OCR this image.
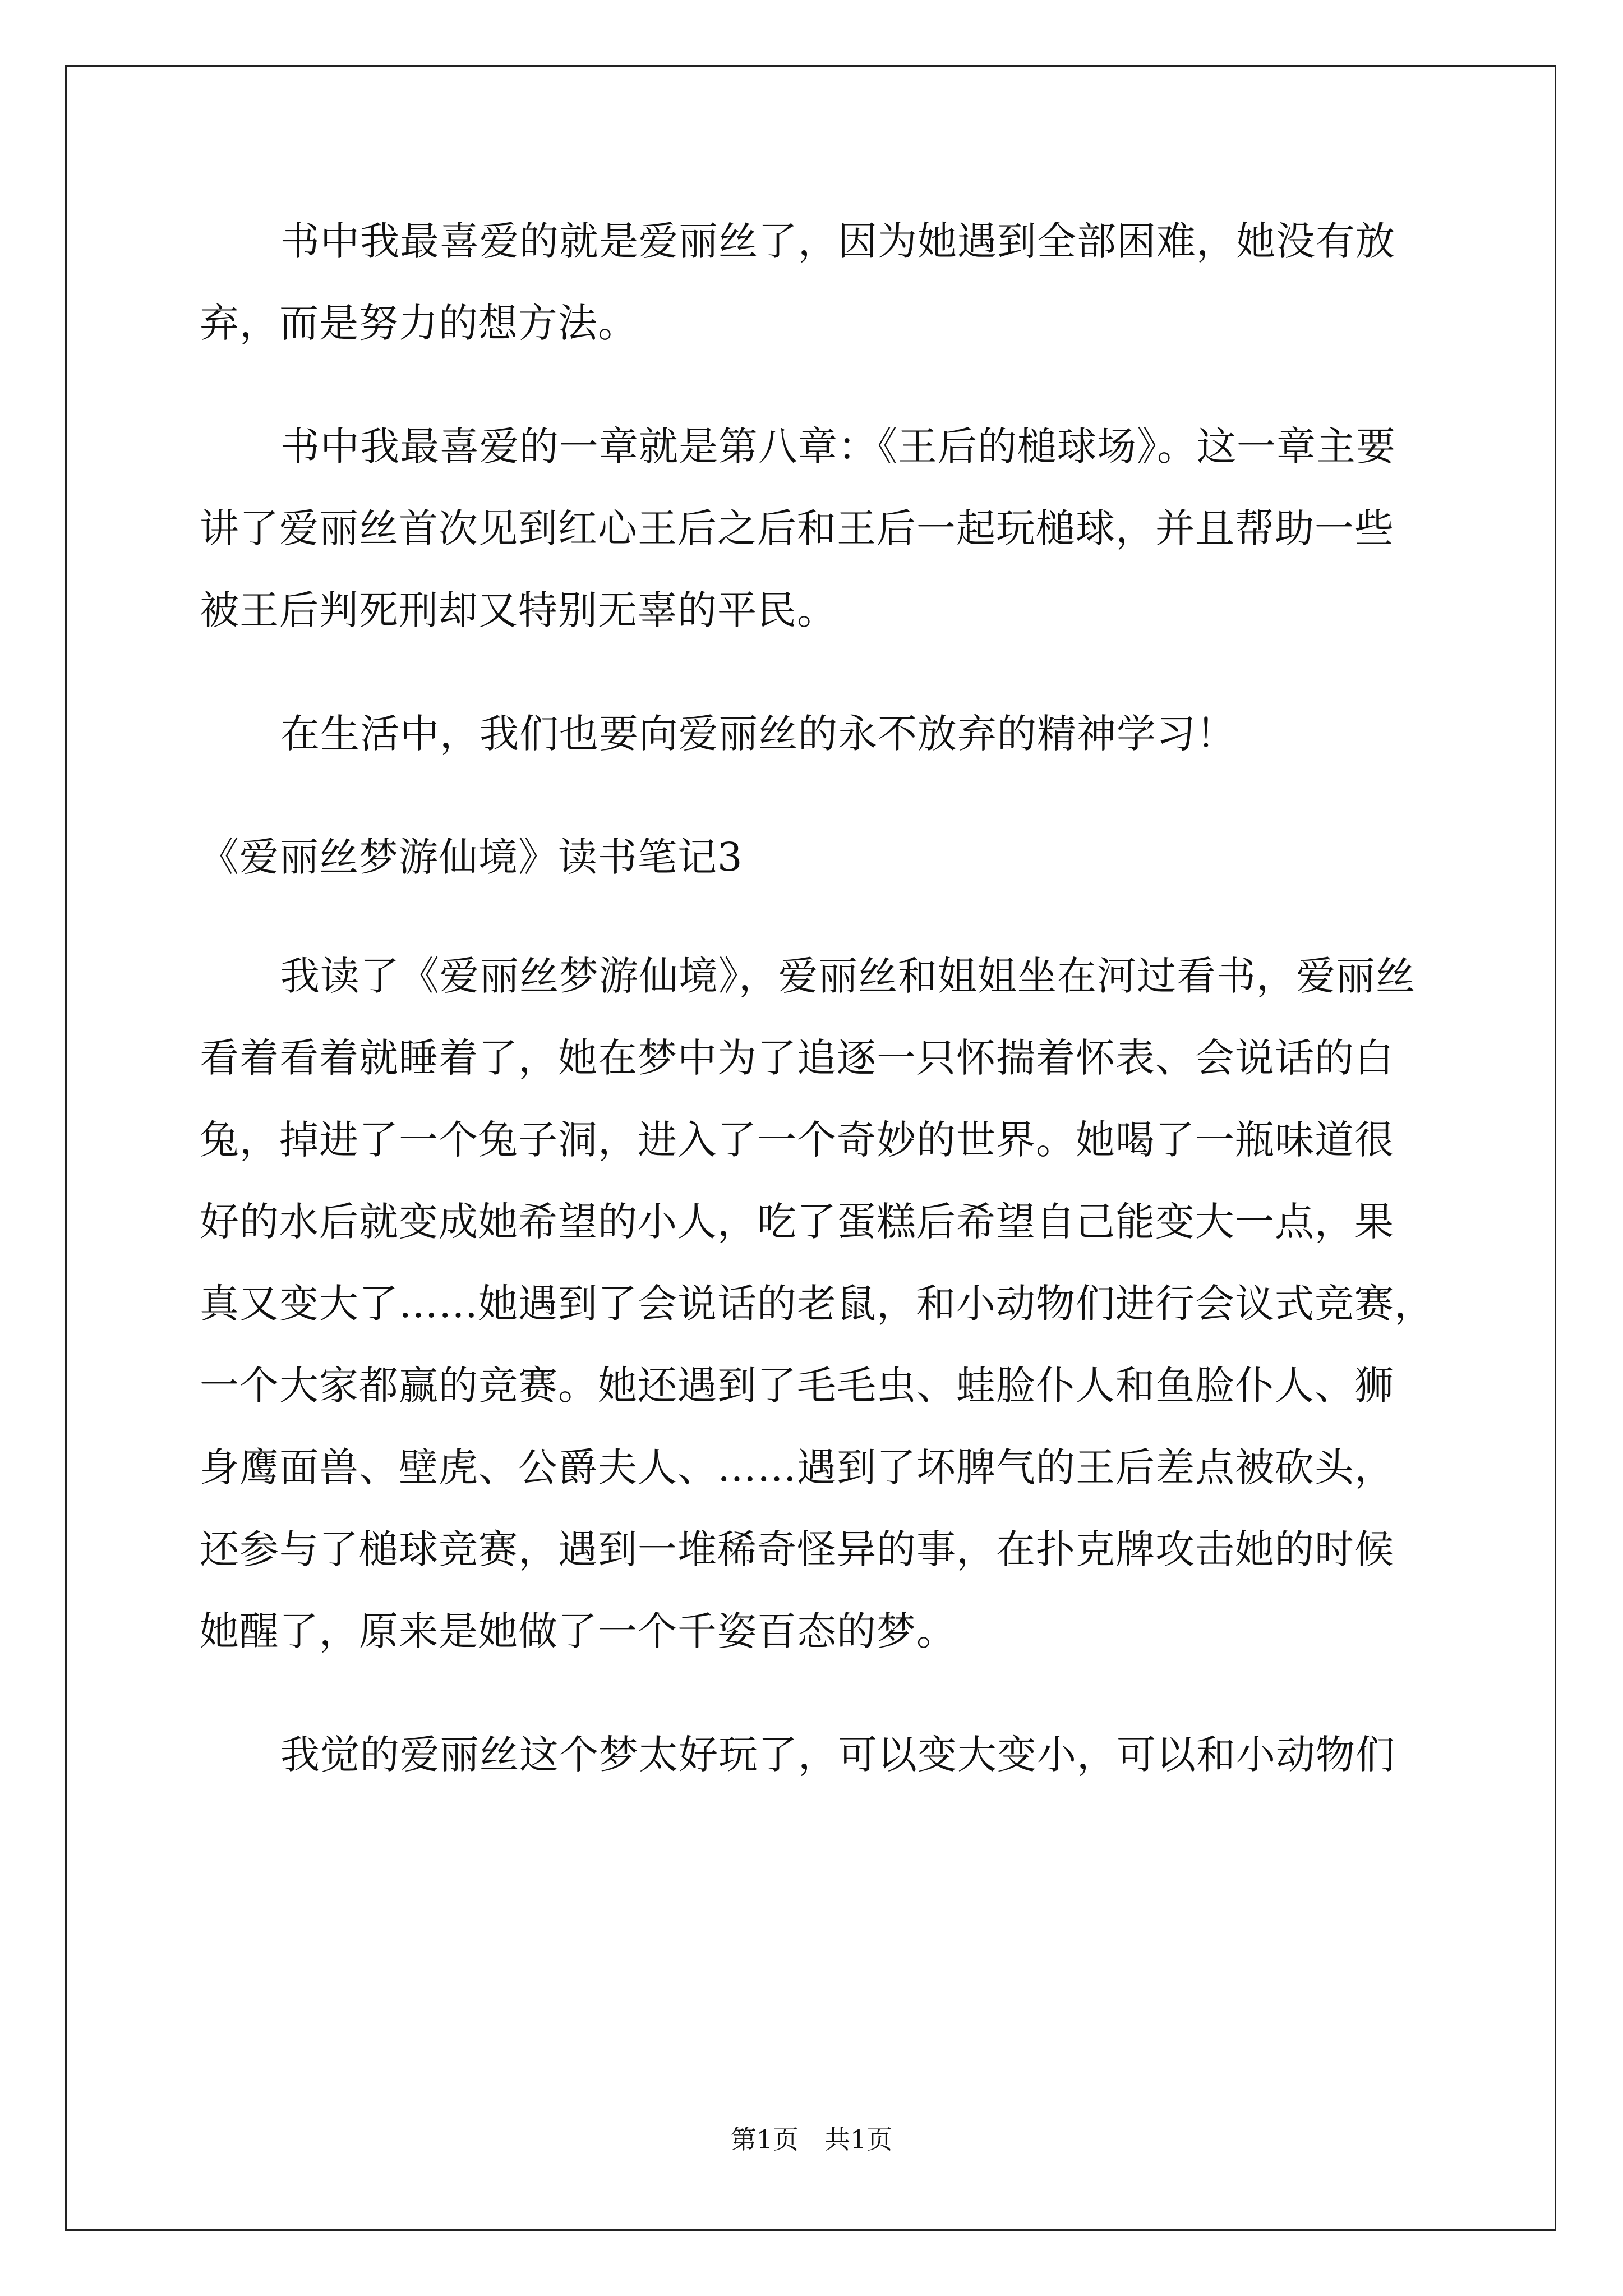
书中我最喜爱的就是爱丽丝了，因为她遇到全部困难，她没有放
弃，而是努力的想方法。
书中我最喜爱的一章就是第八章：《王后的槌球场》。这一章主要
讲了爱丽丝首次见到红心王后之后和王后一起玩槌球，并且帮助一些
被王后判死刑却又特别无辜的平民。
在生活中，我们也要向爱丽丝的永不放弃的精神学习！
《爱丽丝梦游仙境》读书笔记3
我读了《爱丽丝梦游仙境》，爱丽丝和姐姐坐在河过看书，爱丽丝
看着看着就睡着了，她在梦中为了追逐一只怀揣着怀表、会说话的白
兔，掉进了一个兔子洞，进入了一个奇妙的世界。她喝了一瓶味道很
好的水后就变成她希望的小人，吃了蛋糕后希望自己能变大一点，果
真又变大了……她遇到了会说话的老鼠，和小动物们进行会议式竞赛，
一个大家都赢的竞赛。她还遇到了毛毛虫、蛙脸仆人和鱼脸仆人、狮
身鹰面兽、壁虎、公爵夫人、……遇到了坏脾气的王后差点被砍头，
还参与了槌球竞赛，遇到一堆稀奇怪异的事，在扑克牌攻击她的时候
她醒了，原来是她做了一个千姿百态的梦。
我觉的爱丽丝这个梦太好玩了，可以变大变小，可以和小动物们
第1页　共1页
